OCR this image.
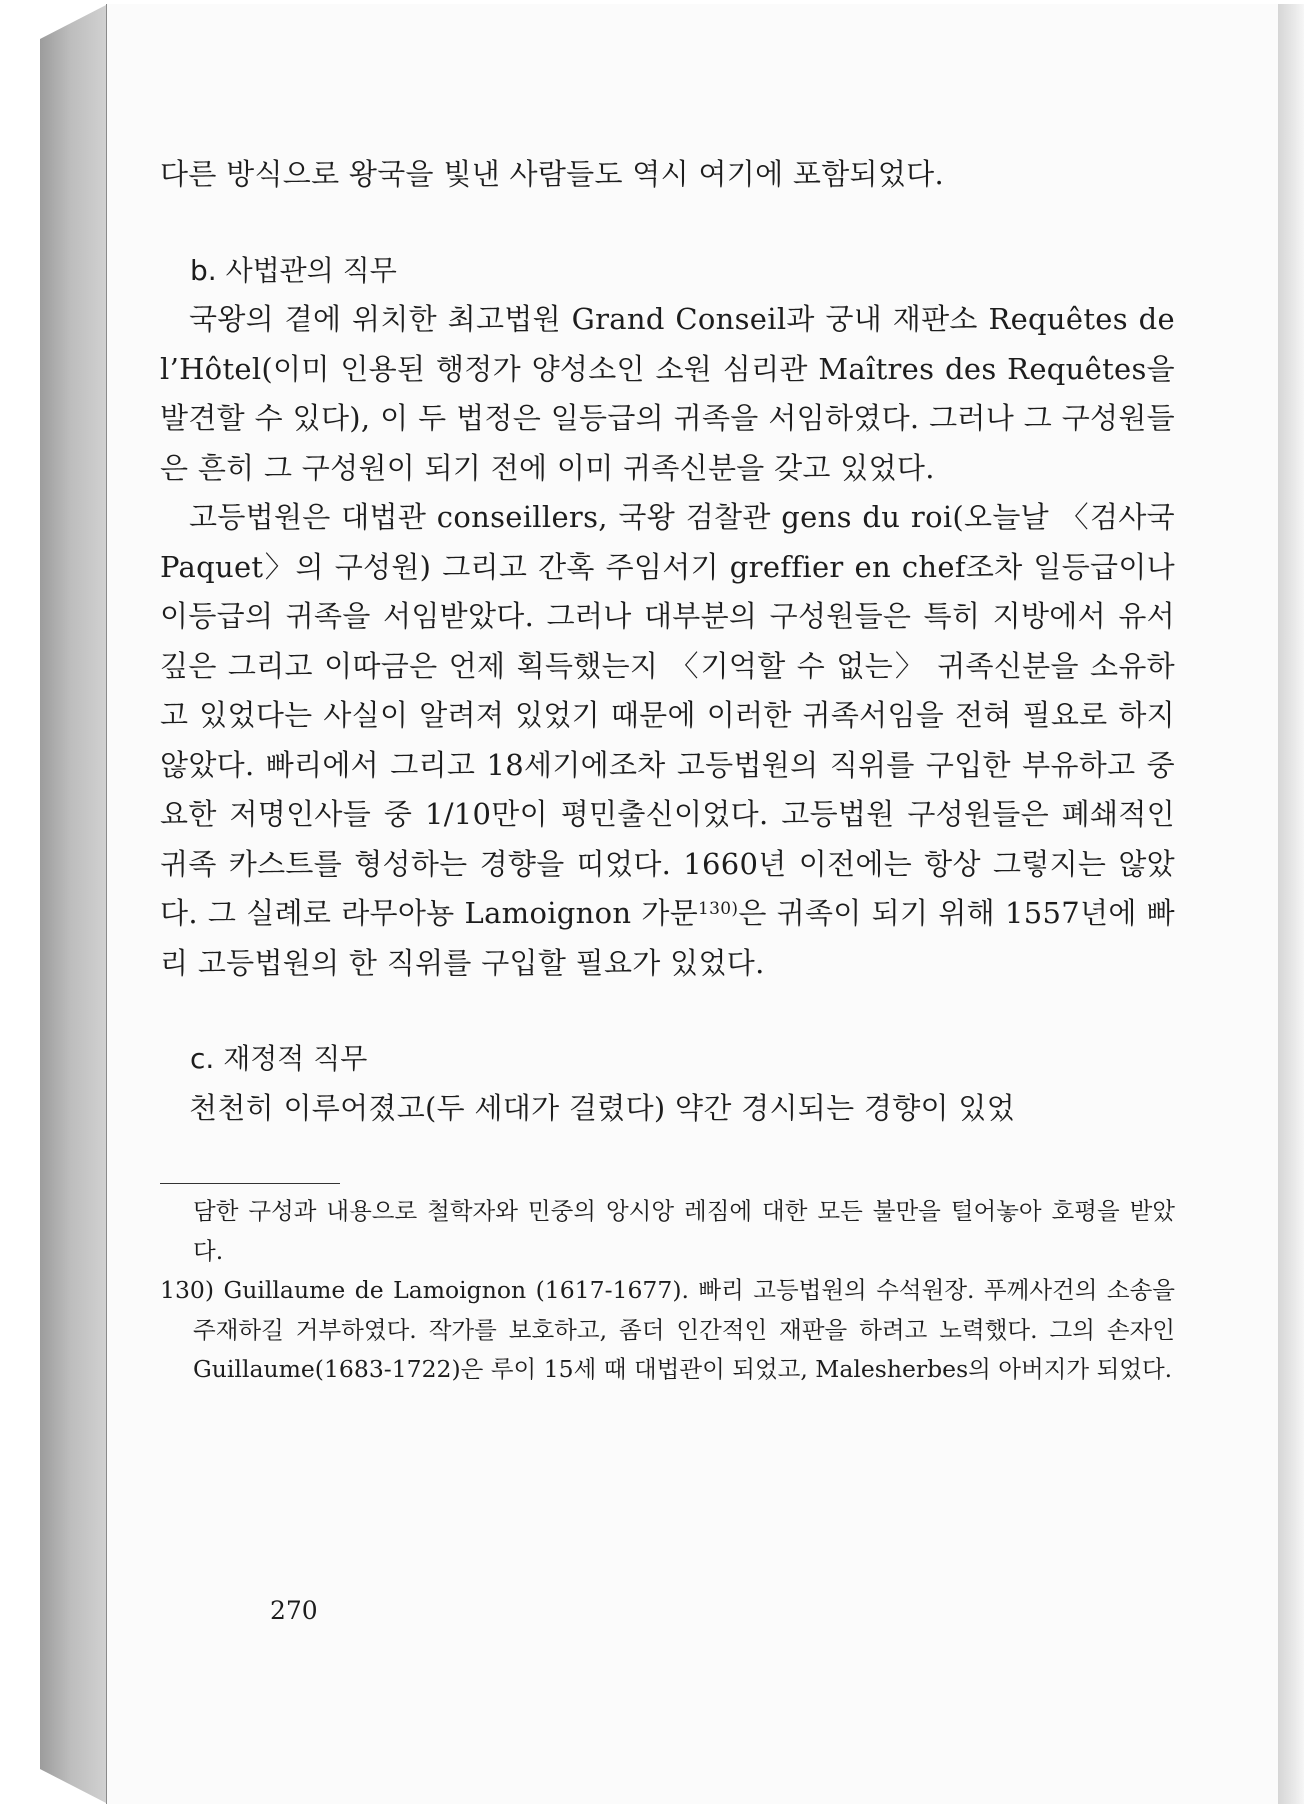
다른 방식으로 왕국을 빛낸 사람들도 역시 여기에 포함되었다.

b. 사법관의 직무

국왕의 곁에 위치한 최고법원 Grand Conseil과 궁내 재판소 Requêtes de l’Hôtel(이미 인용된 행정가 양성소인 소원 심리관 Maîtres des Requêtes을 발견할 수 있다), 이 두 법정은 일등급의 귀족을 서임하였다. 그러나 그 구성원들은 흔히 그 구성원이 되기 전에 이미 귀족신분을 갖고 있었다.

고등법원은 대법관 conseillers, 국왕 검찰관 gens du roi(오늘날 〈검사국 Paquet〉의 구성원) 그리고 간혹 주임서기 greffier en chef조차 일등급이나 이등급의 귀족을 서임받았다. 그러나 대부분의 구성원들은 특히 지방에서 유서깊은 그리고 이따금은 언제 획득했는지 〈기억할 수 없는〉 귀족신분을 소유하고 있었다는 사실이 알려져 있었기 때문에 이러한 귀족서임을 전혀 필요로 하지 않았다. 빠리에서 그리고 18세기에조차 고등법원의 직위를 구입한 부유하고 중요한 저명인사들 중 1/10만이 평민출신이었다. 고등법원 구성원들은 폐쇄적인 귀족 카스트를 형성하는 경향을 띠었다. 1660년 이전에는 항상 그렇지는 않았다. 그 실례로 라무아뇽 Lamoignon 가문$^{130)}$은 귀족이 되기 위해 1557년에 빠리 고등법원의 한 직위를 구입할 필요가 있었다.

c. 재정적 직무

천천히 이루어졌고(두 세대가 걸렸다) 약간 경시되는 경향이 있었

담한 구성과 내용으로 철학자와 민중의 앙시앙 레짐에 대한 모든 불만을 털어놓아 호평을 받았다.

130) Guillaume de Lamoignon (1617-1677). 빠리 고등법원의 수석원장. 푸께사건의 소송을 주재하길 거부하였다. 작가를 보호하고, 좀더 인간적인 재판을 하려고 노력했다. 그의 손자인 Guillaume(1683-1722)은 루이 15세 때 대법관이 되었고, Malesherbes의 아버지가 되었다.

270
